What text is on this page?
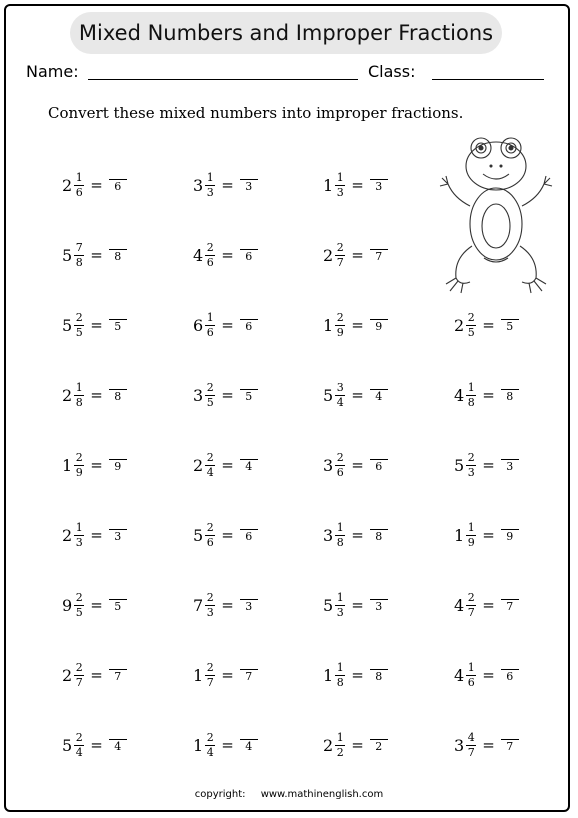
Mixed Numbers and Improper Fractions
Name:	Class:
Convert these mixed numbers into improper fractions.
$2 \frac{1}{6} = 6$	$3 \frac{1}{3} = 3$	$1 \frac{1}{3} = 3$
$5 \frac{7}{8} = 8$	$4 \frac{2}{6} = 6$	$2 \frac{2}{7} = 7$
$5 \frac{2}{5} = 5$	$6 \frac{1}{6} = 6$	$1 \frac{2}{9} = 9$	$2 \frac{2}{5} = 5$
$2 \frac{1}{8} = 8$	$3 \frac{2}{5} = 5$	$5 \frac{3}{4} = 4$	$4 \frac{1}{8} = 8$
$1 \frac{2}{9} = 9$	$2 \frac{2}{4} = 4$	$3 \frac{2}{6} = 6$	$5 \frac{2}{3} = 3$
$2 \frac{1}{3} = 3$	$5 \frac{2}{6} = 6$	$3 \frac{1}{8} = 8$	$1 \frac{1}{9} = 9$
$9 \frac{2}{5} = 5$	$7 \frac{2}{3} = 3$	$5 \frac{1}{3} = 3$	$4 \frac{2}{7} = 7$
$2 \frac{2}{7} = 7$	$1 \frac{2}{7} = 7$	$1 \frac{1}{8} = 8$	$4 \frac{1}{6} = 6$
$5 \frac{2}{4} = 4$	$1 \frac{2}{4} = 4$	$2 \frac{1}{2} = 2$	$3 \frac{4}{7} = 7$
copyright: www.mathinenglish.com
